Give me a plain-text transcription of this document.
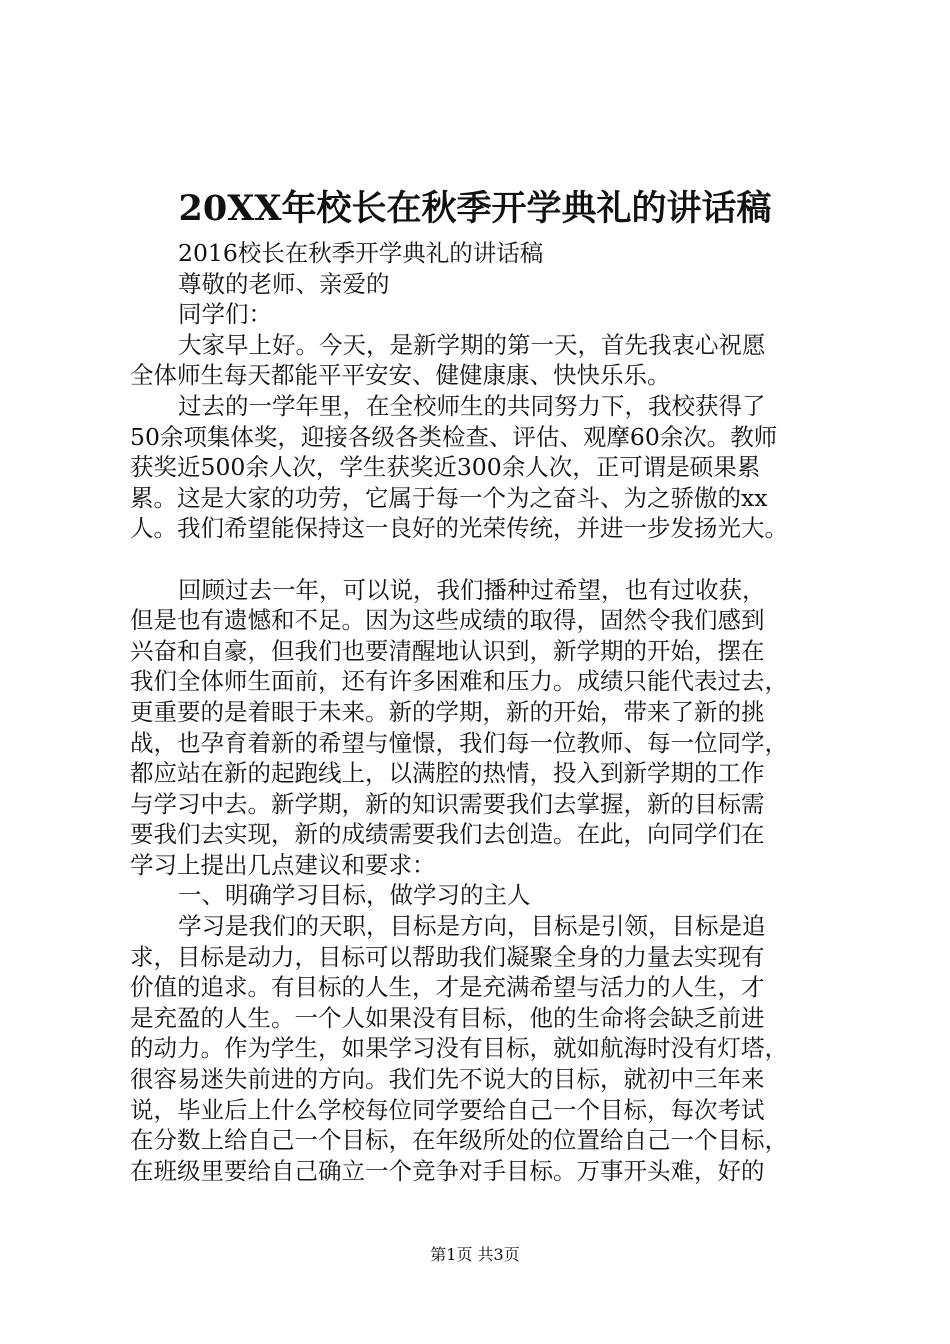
20XX年校长在秋季开学典礼的讲话稿
2016校长在秋季开学典礼的讲话稿
尊敬的老师、亲爱的
同学们：
大家早上好。今天，是新学期的第一天，首先我衷心祝愿
全体师生每天都能平平安安、健健康康、快快乐乐。
过去的一学年里，在全校师生的共同努力下，我校获得了
50余项集体奖，迎接各级各类检查、评估、观摩60余次。教师
获奖近500余人次，学生获奖近300余人次，正可谓是硕果累
累。这是大家的功劳，它属于每一个为之奋斗、为之骄傲的xx
人。我们希望能保持这一良好的光荣传统，并进一步发扬光大。
回顾过去一年，可以说，我们播种过希望，也有过收获，
但是也有遗憾和不足。因为这些成绩的取得，固然令我们感到
兴奋和自豪，但我们也要清醒地认识到，新学期的开始，摆在
我们全体师生面前，还有许多困难和压力。成绩只能代表过去，
更重要的是着眼于未来。新的学期，新的开始，带来了新的挑
战，也孕育着新的希望与憧憬，我们每一位教师、每一位同学，
都应站在新的起跑线上，以满腔的热情，投入到新学期的工作
与学习中去。新学期，新的知识需要我们去掌握，新的目标需
要我们去实现，新的成绩需要我们去创造。在此，向同学们在
学习上提出几点建议和要求：
一、明确学习目标，做学习的主人
学习是我们的天职，目标是方向，目标是引领，目标是追
求，目标是动力，目标可以帮助我们凝聚全身的力量去实现有
价值的追求。有目标的人生，才是充满希望与活力的人生，才
是充盈的人生。一个人如果没有目标，他的生命将会缺乏前进
的动力。作为学生，如果学习没有目标，就如航海时没有灯塔，
很容易迷失前进的方向。我们先不说大的目标，就初中三年来
说，毕业后上什么学校每位同学要给自己一个目标，每次考试
在分数上给自己一个目标，在年级所处的位置给自己一个目标，
在班级里要给自己确立一个竞争对手目标。万事开头难，好的
第1页 共3页
